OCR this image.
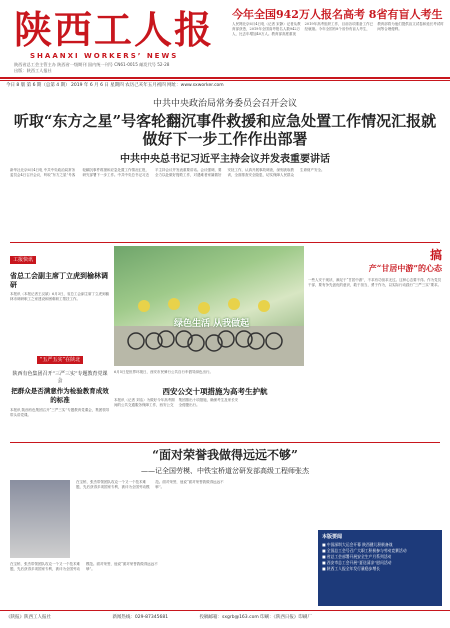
陕西工人报
SHAANXI WORKERS’ NEWS
陕西省总工会主管主办 陕西省一级期刊 国内统一刊号 CN61-0015 邮发代号 52-28
出版：陕西工人报社
今年全国942万人报名高考 8省有盲人考生
人民网北京6月4日电（记者 宋静）记者从教育部获悉，2019年全国高考报名人数942万人，比去年增加40万人。教育部高度重视2019年高考组织工作，目前各项准备工作已经就绪。今年全国有8个省份有盲人考生，教育部将为他们提供盲文试卷和延长考试时间等合理便利。
今日 8 版 第 6 期（总第 4 期） 2019 年 6 月 6 日 星期四 农历己亥年五月初四 网址：www.sxworker.com
中共中央政治局常务委员会召开会议
听取“东方之星”号客轮翻沉事件救援和应急处置工作情况汇报就做好下一步工作作出部署
中共中央总书记习近平主持会议并发表重要讲话
新华社北京6月4日电 中共中央政治局常务委员会4日召开会议，听取“东方之星”号客轮翻沉事件救援和应急处置工作情况汇报，研究部署下一步工作。中共中央总书记习近平主持会议并发表重要讲话。会议强调，要全力以赴做好搜救工作，对遇难者家属做好安抚工作，认真开展事故调查，深刻汲取教训，全面排查安全隐患，切实保障人民群众生命财产安全。
工报快讯
省总工会副主席丁立虎到榆林调研
本报讯（本报记者王汉斌）6月3日，省总工会副主席丁立虎到榆林市调研职工之家建设和困难职工帮扶工作。
“五严五实”在陕北
陕西有色集团召开“三严三实”专题教育党课会
把群众是否满意作为检验教育成效的标准
本报讯 陕西有色集团召开“三严三实”专题教育党课会，集团领导带头讲党课。
绿色生活 从我做起
6月5日是世界环境日，西安市民骑行公共自行车倡导绿色出行。
西安公交十项措施为高考生护航
本报讯（记者 刘洁）为做好今年高考期间的公共交通服务保障工作，西安公交集团推出十项措施，确保考生及家长安全便捷出行。
搞
产“甘居中游”的心态
一些人安于现状、满足于“甘居中游”，不求有功但求无过。这种心态要不得。作为党员干部，要有争先创优的意识，敢于担当，勇于作为，以实际行动践行“三严三实”要求。
“面对荣誉我做得远远不够”
——记全国劳模、中铁宝桥道岔研发部高级工程师张杰
在宝桥，张杰带领团队攻克一个又一个技术难题，先后获得多项国家专利，被评为全国劳动模范。面对荣誉，他说“面对荣誉我做得远远不够”。
在宝桥，张杰带领团队攻克一个又一个技术难题，先后获得多项国家专利，被评为全国劳动模范。面对荣誉，他说“面对荣誉我做得远远不够”。
本版要闻
■ 中国深圳大运会开幕 陕西健儿积极备战
■ 全国总工会号召广大职工积极参与劳动竞赛活动
■ 省总工会部署开展安全生产月系列活动
■ 西安市总工会开展“夏送清凉”慰问活动
■ 陕西工人报全年发行量稳步增长
《陕报》陕西工人报社	新闻热线：029-87345681	投稿邮箱：sxgrb@163.com 印刷：《陕西日报》印刷厂
